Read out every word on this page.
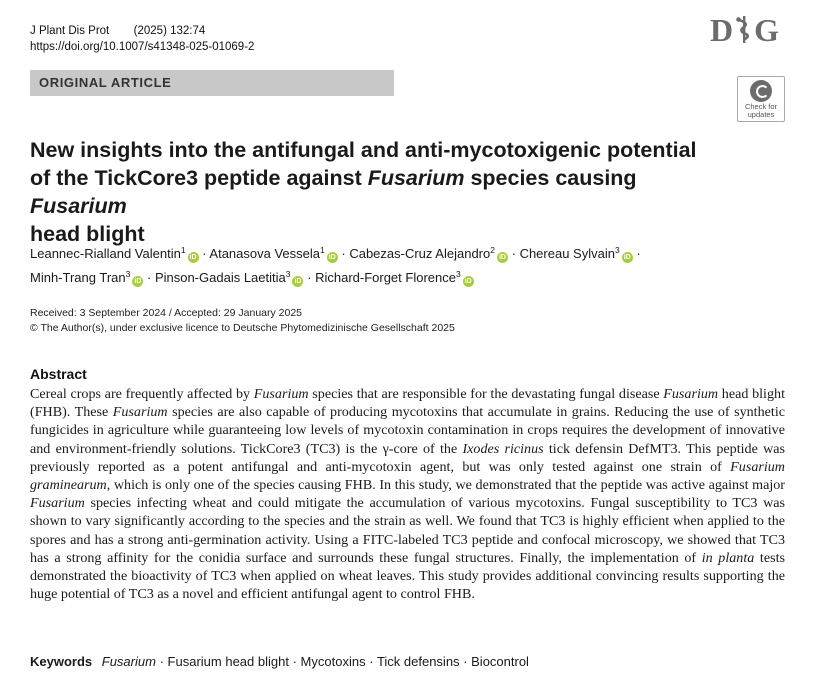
J Plant Dis Prot (2025) 132:74
https://doi.org/10.1007/s41348-025-01069-2	D G
ORIGINAL ARTICLE
Check for
updates
New insights into the antifungal and anti-mycotoxigenic potential
of the TickCore3 peptide against Fusarium species causing Fusarium
head blight
Leannec-Rialland Valentin$^1$iD · Atanasova Vessela$^1$iD · Cabezas-Cruz Alejandro$^2$iD · Chereau Sylvain$^3$iD ·
Minh-Trang Tran$^3$iD · Pinson-Gadais Laetitia$^3$iD · Richard-Forget Florence$^3$iD
Received: 3 September 2024 / Accepted: 29 January 2025
© The Author(s), under exclusive licence to Deutsche Phytomedizinische Gesellschaft 2025
Abstract

Cereal crops are frequently affected by Fusarium species that are responsible for the devastating fungal disease Fusarium head blight (FHB). These Fusarium species are also capable of producing mycotoxins that accumulate in grains. Reducing the use of synthetic fungicides in agriculture while guaranteeing low levels of mycotoxin contamination in crops requires the development of innovative and environment-friendly solutions. TickCore3 (TC3) is the γ-core of the Ixodes ricinus tick defensin DefMT3. This peptide was previously reported as a potent antifungal and anti-mycotoxin agent, but was only tested against one strain of Fusarium graminearum, which is only one of the species causing FHB. In this study, we demonstrated that the peptide was active against major Fusarium species infecting wheat and could mitigate the accumulation of various mycotoxins. Fungal susceptibility to TC3 was shown to vary significantly according to the species and the strain as well. We found that TC3 is highly efficient when applied to the spores and has a strong anti-germination activity. Using a FITC-labeled TC3 peptide and confocal microscopy, we showed that TC3 has a strong affinity for the conidia surface and surrounds these fungal structures. Finally, the implementation of in planta tests demonstrated the bioactivity of TC3 when applied on wheat leaves. This study provides additional convincing results supporting the huge potential of TC3 as a novel and efficient antifungal agent to control FHB.

Keywords Fusarium · Fusarium head blight · Mycotoxins · Tick defensins · Biocontrol
